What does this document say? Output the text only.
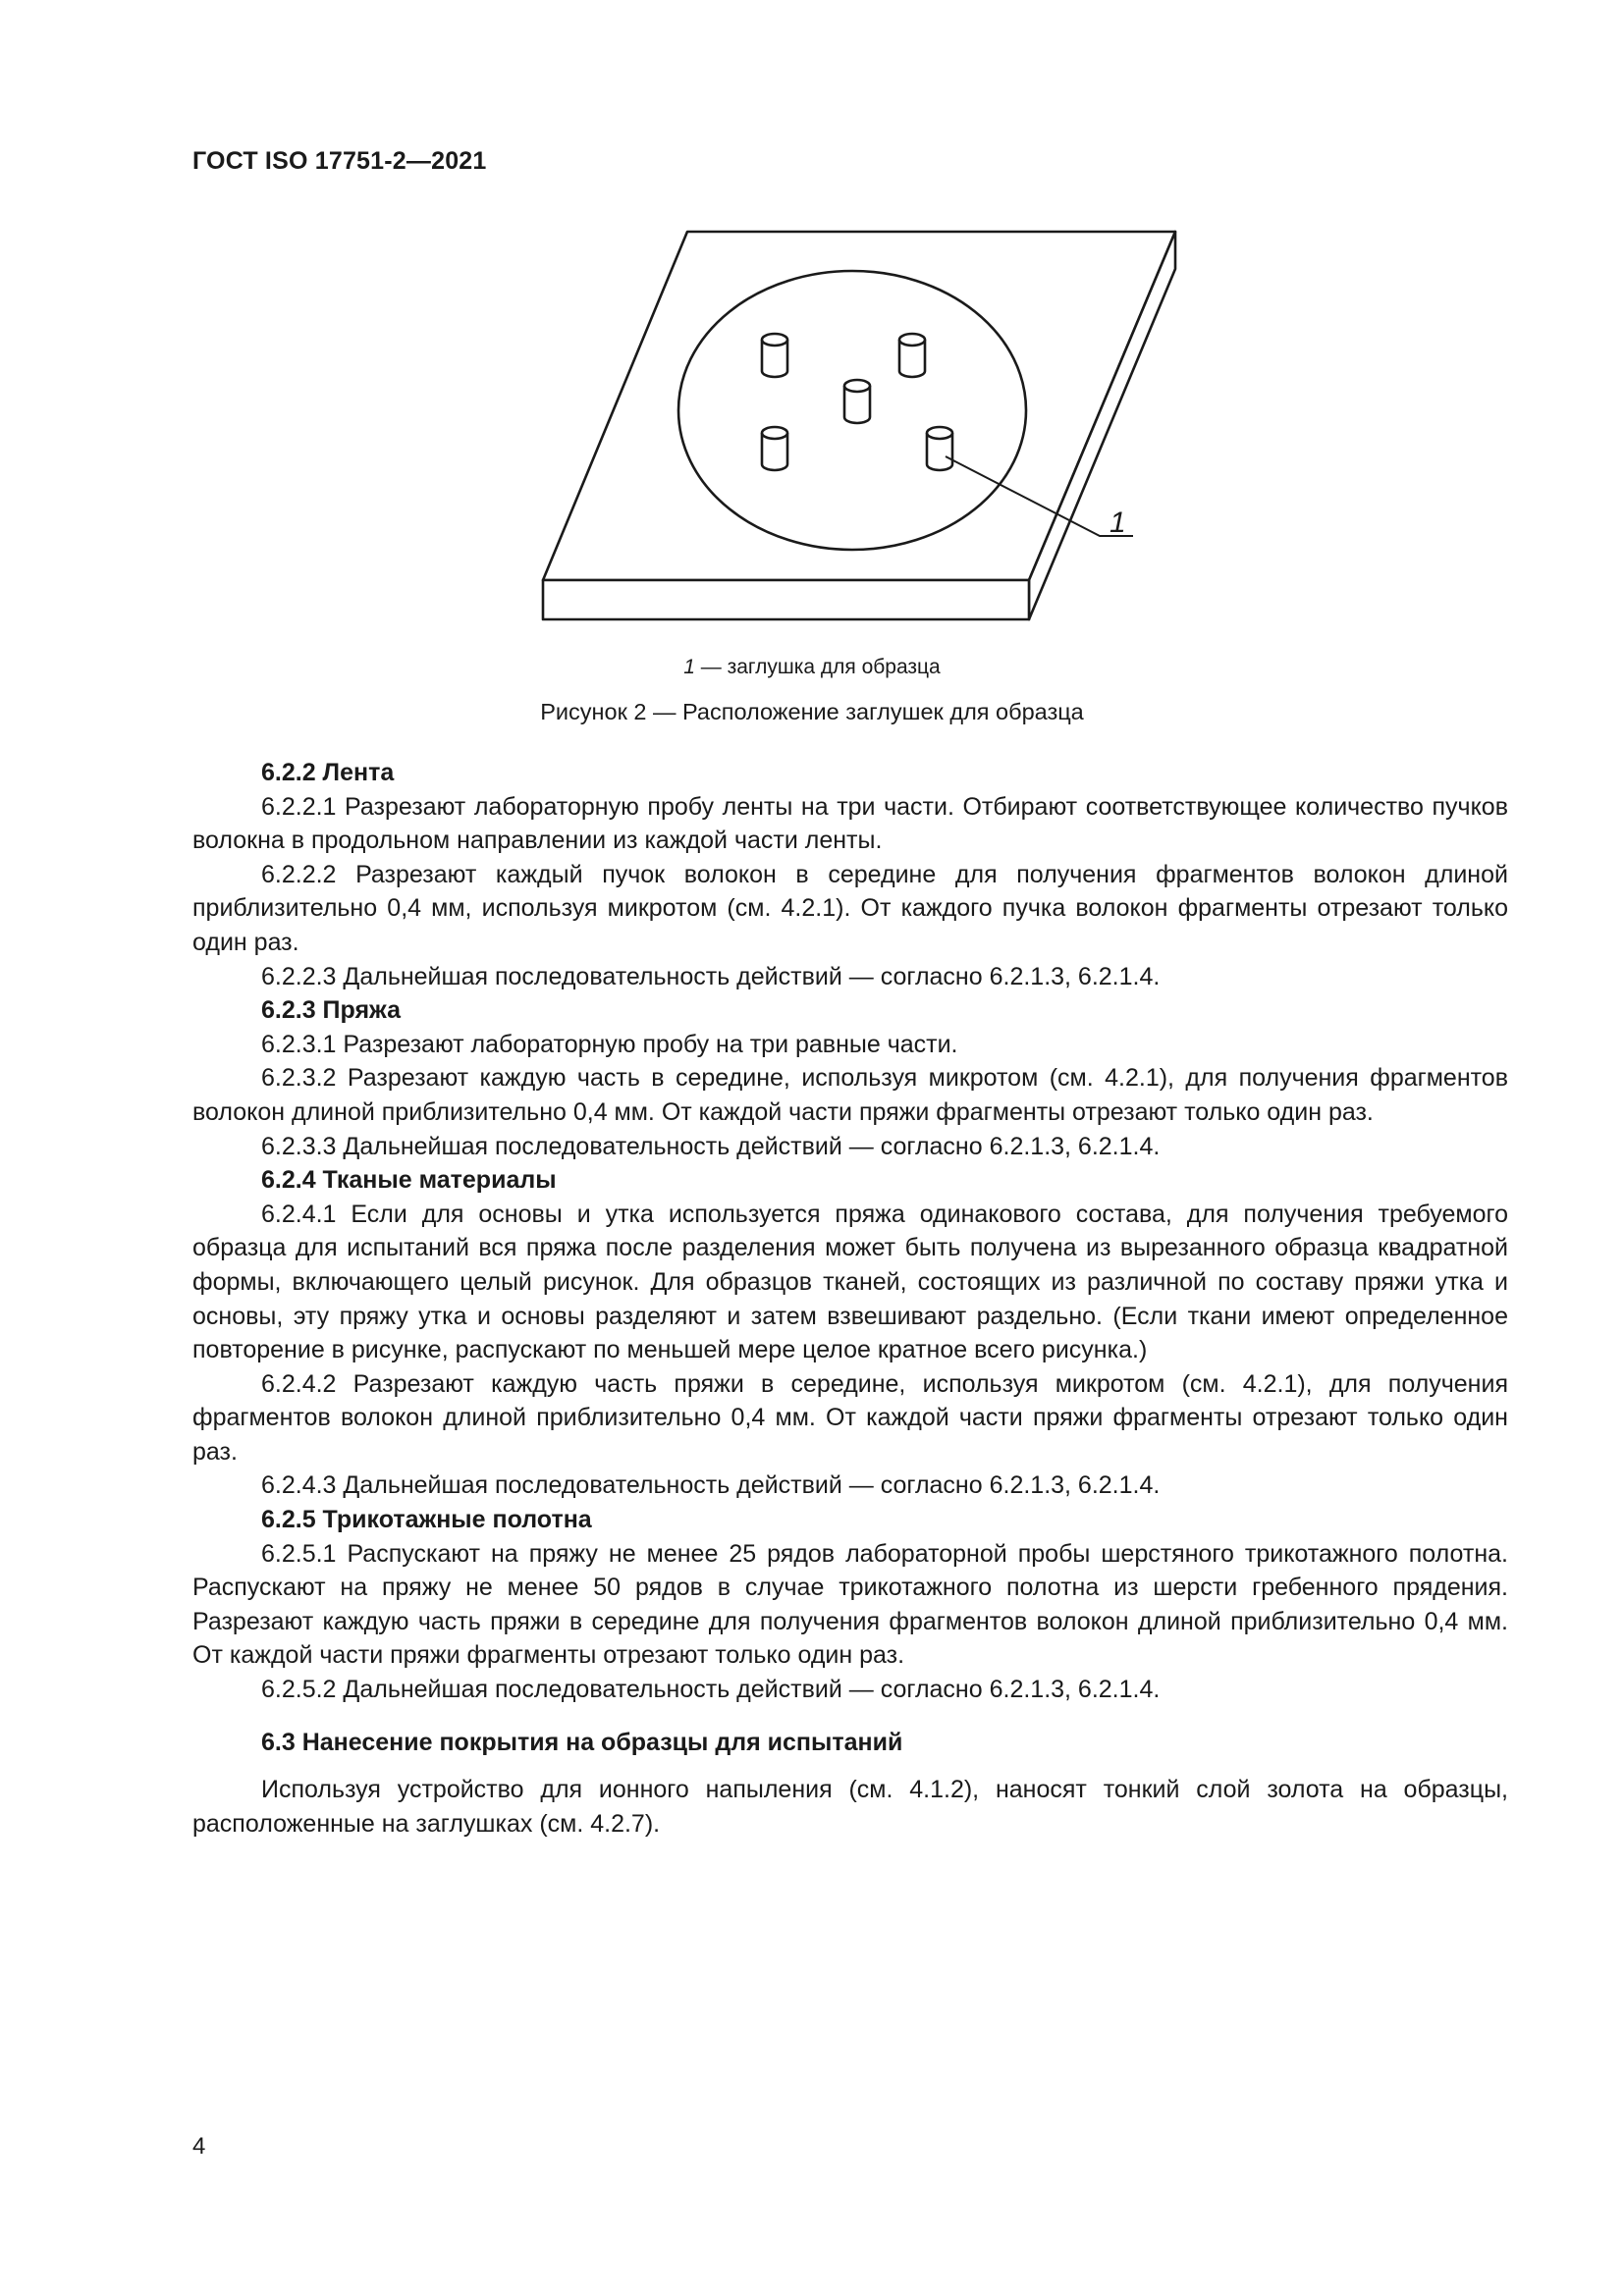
ГОСТ ISO 17751-2—2021
1
1 — заглушка для образца
Рисунок 2 — Расположение заглушек для образца

6.2.2 Лента

6.2.2.1 Разрезают лабораторную пробу ленты на три части. Отбирают соответствующее количество пучков волокна в продольном направлении из каждой части ленты.

6.2.2.2 Разрезают каждый пучок волокон в середине для получения фрагментов волокон длиной приблизительно 0,4 мм, используя микротом (см. 4.2.1). От каждого пучка волокон фрагменты отрезают только один раз.

6.2.2.3 Дальнейшая последовательность действий — согласно 6.2.1.3, 6.2.1.4.

6.2.3 Пряжа

6.2.3.1 Разрезают лабораторную пробу на три равные части.

6.2.3.2 Разрезают каждую часть в середине, используя микротом (см. 4.2.1), для получения фрагментов волокон длиной приблизительно 0,4 мм. От каждой части пряжи фрагменты отрезают только один раз.

6.2.3.3 Дальнейшая последовательность действий — согласно 6.2.1.3, 6.2.1.4.

6.2.4 Тканые материалы

6.2.4.1 Если для основы и утка используется пряжа одинакового состава, для получения требуемого образца для испытаний вся пряжа после разделения может быть получена из вырезанного образца квадратной формы, включающего целый рисунок. Для образцов тканей, состоящих из различной по составу пряжи утка и основы, эту пряжу утка и основы разделяют и затем взвешивают раздельно. (Если ткани имеют определенное повторение в рисунке, распускают по меньшей мере целое кратное всего рисунка.)

6.2.4.2 Разрезают каждую часть пряжи в середине, используя микротом (см. 4.2.1), для получения фрагментов волокон длиной приблизительно 0,4 мм. От каждой части пряжи фрагменты отрезают только один раз.

6.2.4.3 Дальнейшая последовательность действий — согласно 6.2.1.3, 6.2.1.4.

6.2.5 Трикотажные полотна

6.2.5.1 Распускают на пряжу не менее 25 рядов лабораторной пробы шерстяного трикотажного полотна. Распускают на пряжу не менее 50 рядов в случае трикотажного полотна из шерсти гребенного прядения. Разрезают каждую часть пряжи в середине для получения фрагментов волокон длиной приблизительно 0,4 мм. От каждой части пряжи фрагменты отрезают только один раз.

6.2.5.2 Дальнейшая последовательность действий — согласно 6.2.1.3, 6.2.1.4.

6.3 Нанесение покрытия на образцы для испытаний

Используя устройство для ионного напыления (см. 4.1.2), наносят тонкий слой золота на образцы, расположенные на заглушках (см. 4.2.7).

4
